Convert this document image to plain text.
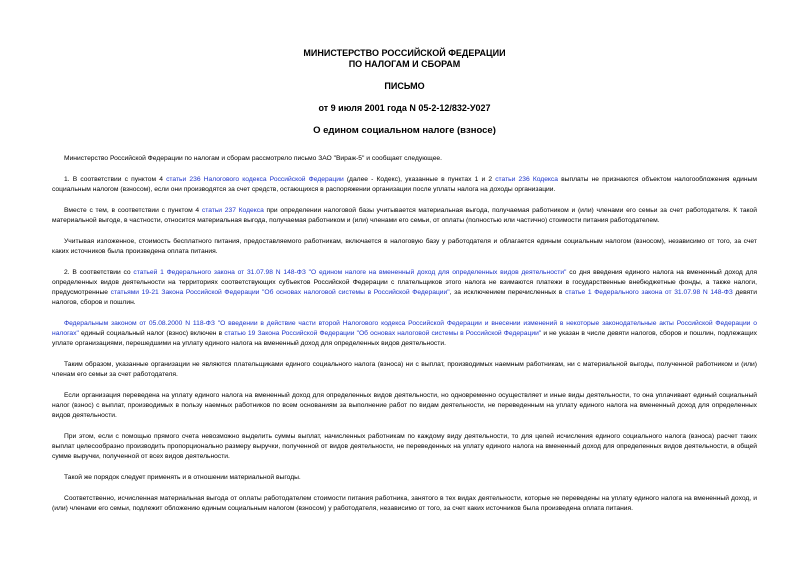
МИНИСТЕРСТВО РОССИЙСКОЙ ФЕДЕРАЦИИ
ПО НАЛОГАМ И СБОРАМ
ПИСЬМО
от 9 июля 2001 года N 05-2-12/832-У027
О едином социальном налоге (взносе)

Министерство Российской Федерации по налогам и сборам рассмотрело письмо ЗАО "Вираж-5" и сообщает следующее.

1. В соответствии с пунктом 4 статьи 236 Налогового кодекса Российской Федерации (далее - Кодекс), указанные в пунктах 1 и 2 статьи 236 Кодекса выплаты не признаются объектом налогообложения единым социальным налогом (взносом), если они производятся за счет средств, остающихся в распоряжении организации после уплаты налога на доходы организации.

Вместе с тем, в соответствии с пунктом 4 статьи 237 Кодекса при определении налоговой базы учитывается материальная выгода, получаемая работником и (или) членами его семьи за счет работодателя. К такой материальной выгоде, в частности, относится материальная выгода, получаемая работником и (или) членами его семьи, от оплаты (полностью или частично) стоимости питания работодателем.

Учитывая изложенное, стоимость бесплатного питания, предоставляемого работникам, включается в налоговую базу у работодателя и облагается единым социальным налогом (взносом), независимо от того, за счет каких источников была произведена оплата питания.

2. В соответствии со статьей 1 Федерального закона от 31.07.98 N 148-ФЗ "О едином налоге на вмененный доход для определенных видов деятельности" со дня введения единого налога на вмененный доход для определенных видов деятельности на территориях соответствующих субъектов Российской Федерации с плательщиков этого налога не взимаются платежи в государственные внебюджетные фонды, а также налоги, предусмотренные статьями 19-21 Закона Российской Федерации "Об основах налоговой системы в Российской Федерации", за исключением перечисленных в статье 1 Федерального закона от 31.07.98 N 148-ФЗ девяти налогов, сборов и пошлин.

Федеральным законом от 05.08.2000 N 118-ФЗ "О введении в действие части второй Налогового кодекса Российской Федерации и внесении изменений в некоторые законодательные акты Российской Федерации о налогах" единый социальный налог (взнос) включен в статью 19 Закона Российской Федерации "Об основах налоговой системы в Российской Федерации" и не указан в числе девяти налогов, сборов и пошлин, подлежащих уплате организациями, перешедшими на уплату единого налога на вмененный доход для определенных видов деятельности.

Таким образом, указанные организации не являются плательщиками единого социального налога (взноса) ни с выплат, производимых наемным работникам, ни с материальной выгоды, полученной работником и (или) членам его семьи за счет работодателя.

Если организация переведена на уплату единого налога на вмененный доход для определенных видов деятельности, но одновременно осуществляет и иные виды деятельности, то она уплачивает единый социальный налог (взнос) с выплат, производимых в пользу наемных работников по всем основаниям за выполнение работ по видам деятельности, не переведенным на уплату единого налога на вмененный доход для определенных видов деятельности.

При этом, если с помощью прямого счета невозможно выделить суммы выплат, начисленных работникам по каждому виду деятельности, то для целей исчисления единого социального налога (взноса) расчет таких выплат целесообразно производить пропорционально размеру выручки, полученной от видов деятельности, не переведенных на уплату единого налога на вмененный доход для определенных видов деятельности, в общей сумме выручки, полученной от всех видов деятельности.

Такой же порядок следует применять и в отношении материальной выгоды.

Соответственно, исчисленная материальная выгода от оплаты работодателем стоимости питания работника, занятого в тех видах деятельности, которые не переведены на уплату единого налога на вмененный доход, и (или) членами его семьи, подлежит обложению единым социальным налогом (взносом) у работодателя, независимо от того, за счет каких источников была произведена оплата питания.
